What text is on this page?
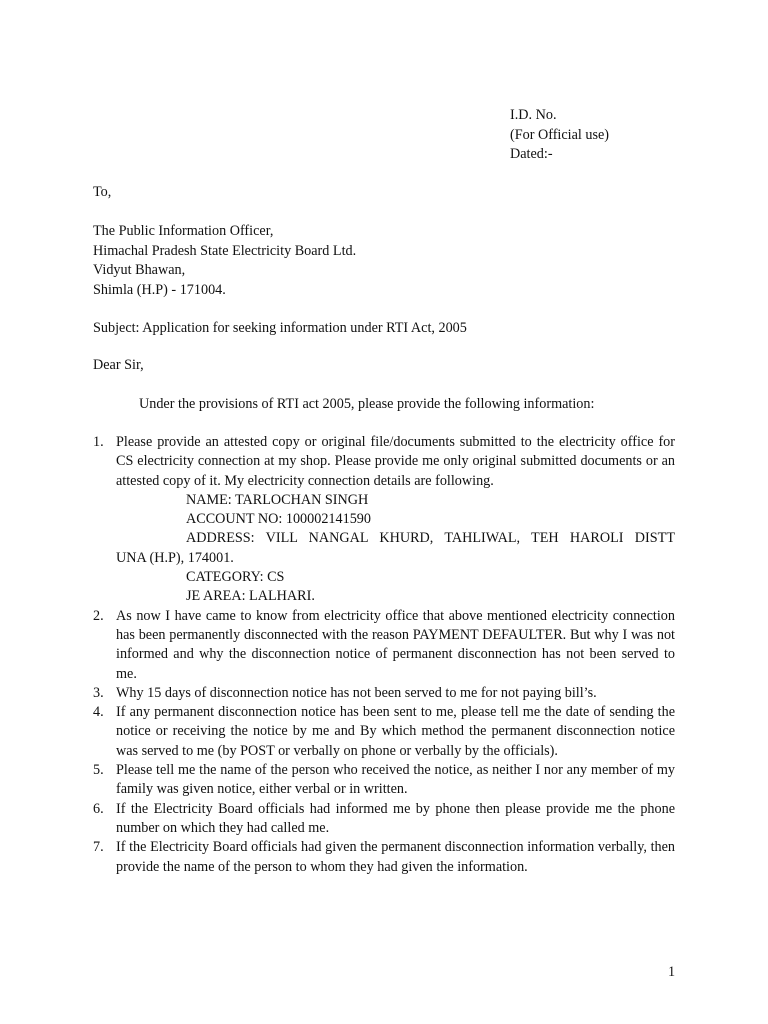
I.D. No.
(For Official use)
Dated:-
To,
The Public Information Officer,
Himachal Pradesh State Electricity Board Ltd.
Vidyut Bhawan,
Shimla (H.P) - 171004.
Subject: Application for seeking information under RTI Act, 2005
Dear Sir,
Under the provisions of RTI act 2005, please provide the following information:
1. Please provide an attested copy or original file/documents submitted to the electricity office for CS electricity connection at my shop. Please provide me only original submitted documents or an attested copy of it. My electricity connection details are following.
NAME: TARLOCHAN SINGH
ACCOUNT NO: 100002141590
ADDRESS: VILL NANGAL KHURD, TAHLIWAL, TEH HAROLI DISTT
UNA (H.P), 174001.
CATEGORY: CS
JE AREA: LALHARI.
2. As now I have came to know from electricity office that above mentioned electricity connection has been permanently disconnected with the reason PAYMENT DEFAULTER. But why I was not informed and why the disconnection notice of permanent disconnection has not been served to me.
3. Why 15 days of disconnection notice has not been served to me for not paying bill’s.
4. If any permanent disconnection notice has been sent to me, please tell me the date of sending the notice or receiving the notice by me and By which method the permanent disconnection notice was served to me (by POST or verbally on phone or verbally by the officials).
5. Please tell me the name of the person who received the notice, as neither I nor any member of my family was given notice, either verbal or in written.
6. If the Electricity Board officials had informed me by phone then please provide me the phone number on which they had called me.
7. If the Electricity Board officials had given the permanent disconnection information verbally, then provide the name of the person to whom they had given the information.
1
